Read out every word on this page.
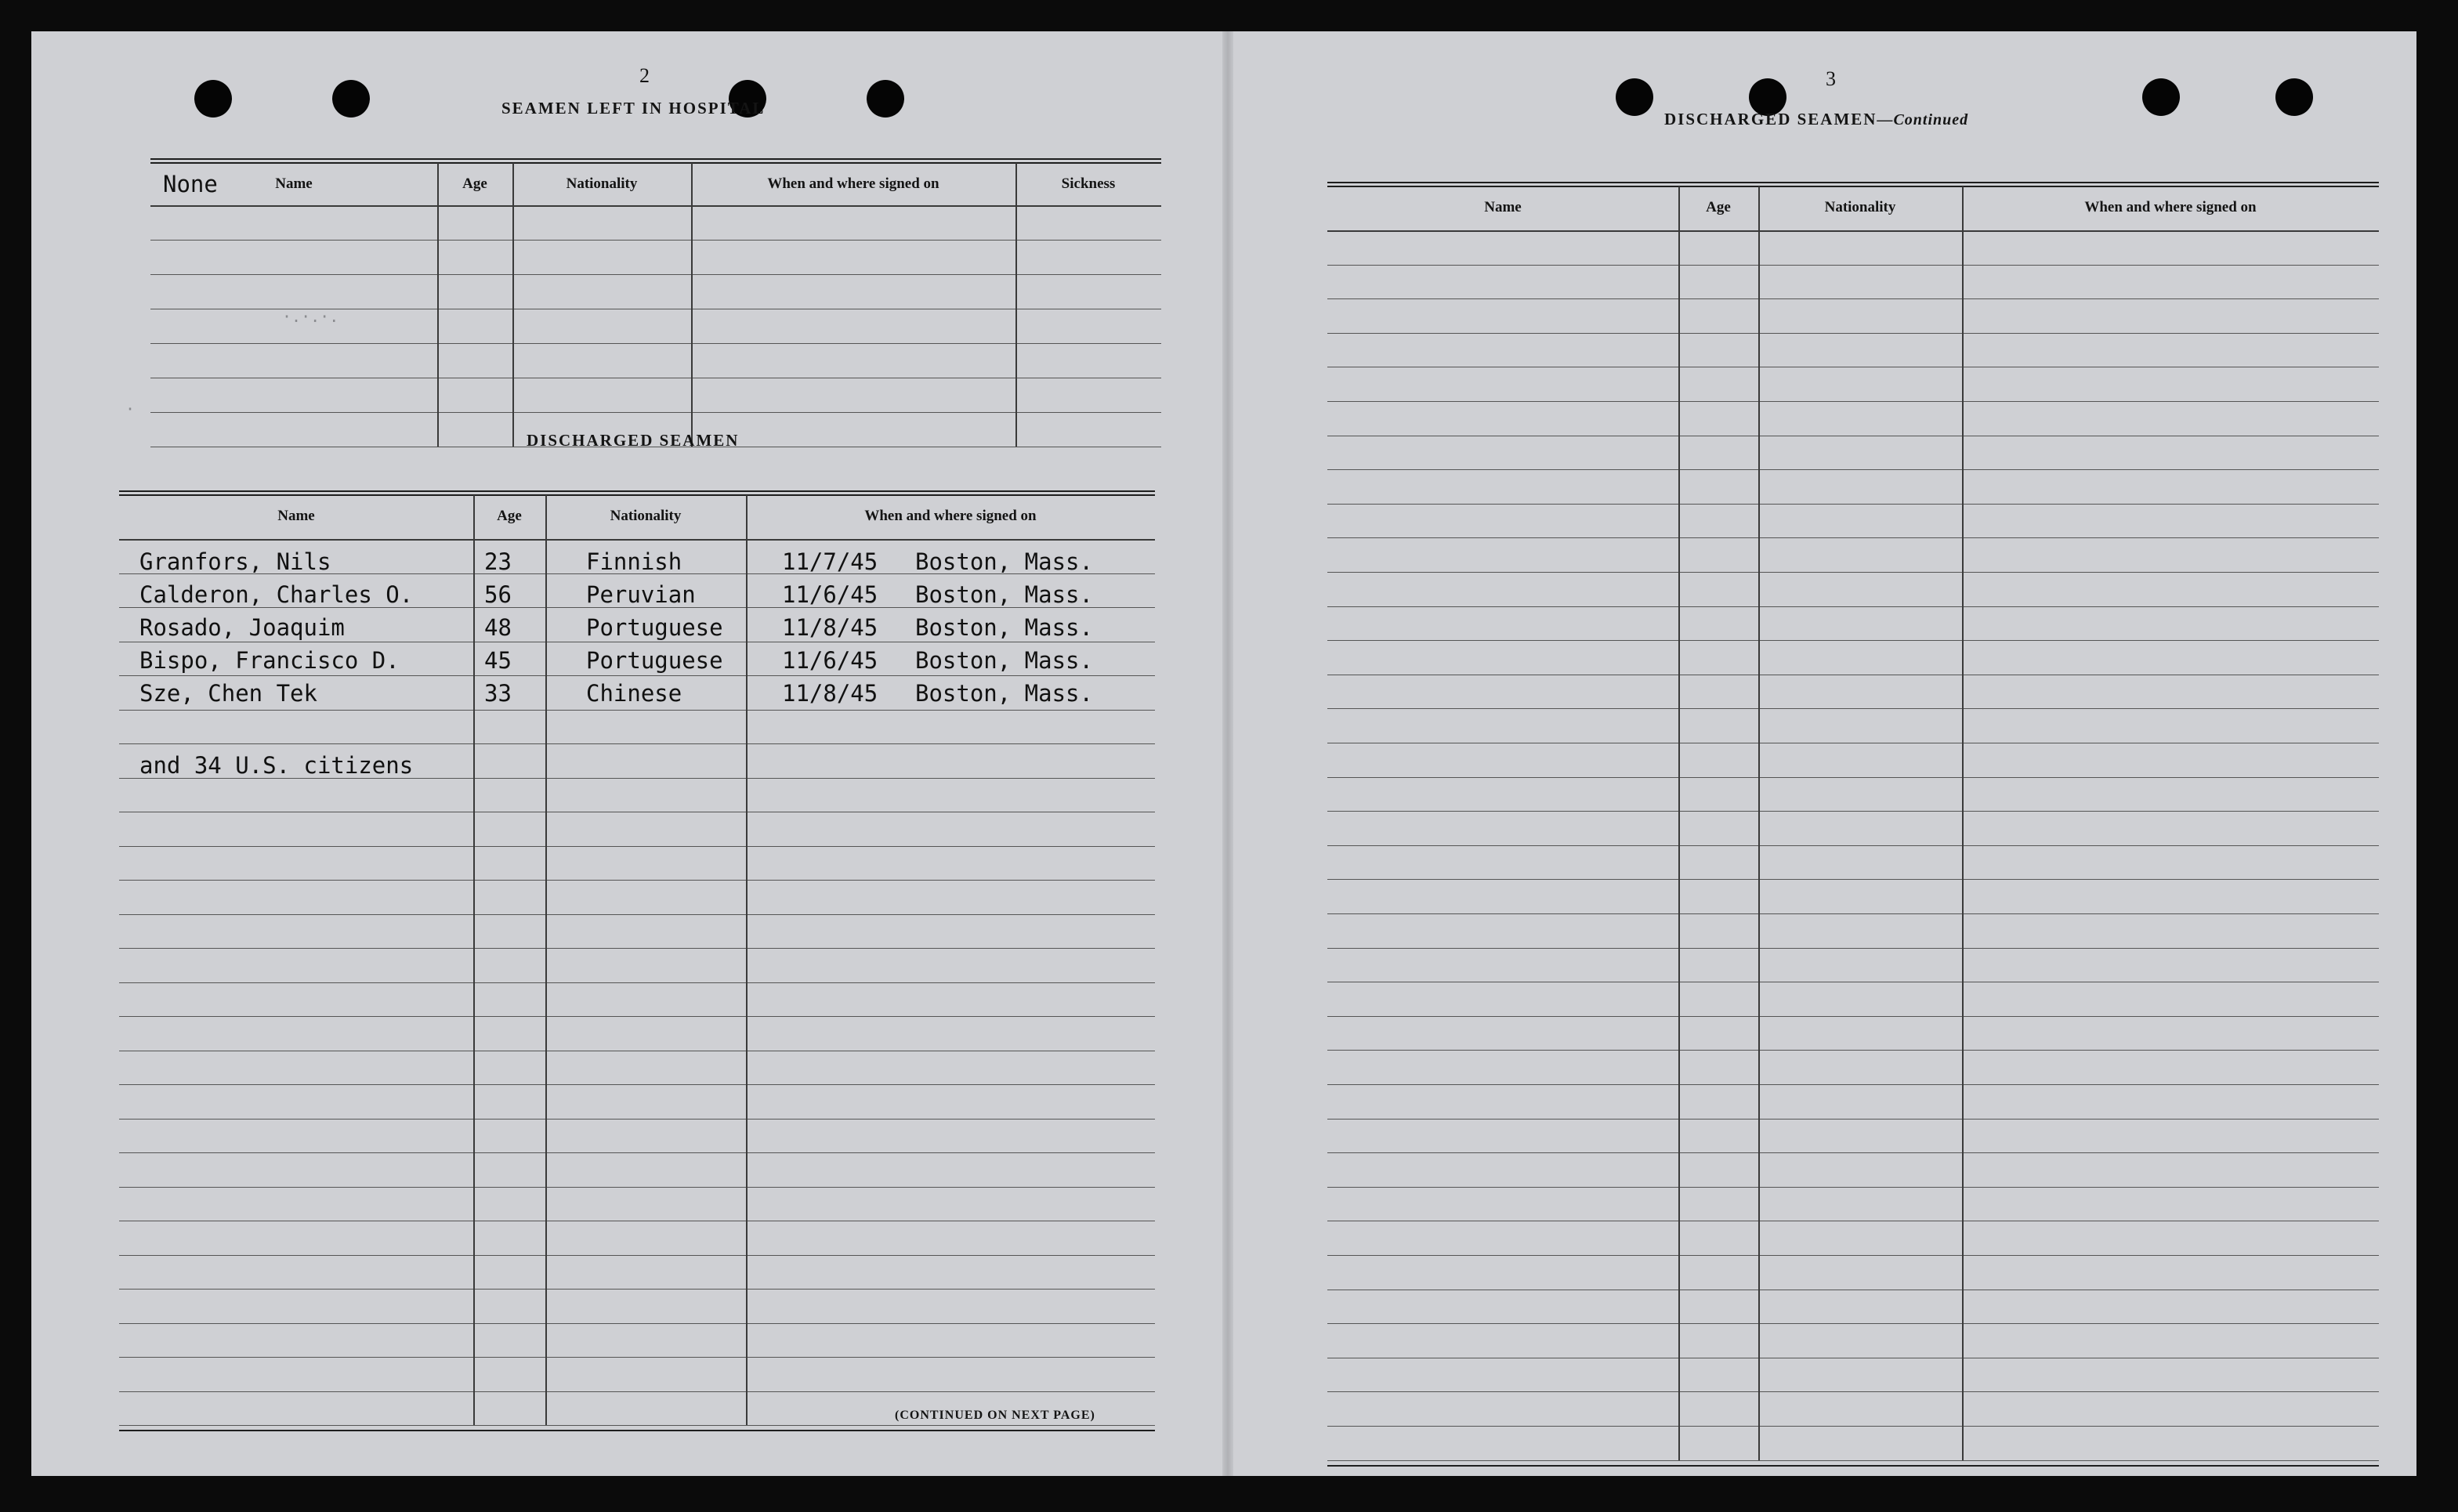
2
SEAMEN LEFT IN HOSPITAL
Name	Age	Nationality	When and where signed on	Sickness
None
·.·.·.
·
DISCHARGED SEAMEN
Name	Age	Nationality	When and where signed on
Granfors, Nils	23	Finnish	11/7/45 Boston, Mass.
Calderon, Charles O.	56	Peruvian	11/6/45 Boston, Mass.
Rosado, Joaquim	48	Portuguese	11/8/45 Boston, Mass.
Bispo, Francisco D.	45	Portuguese	11/6/45 Boston, Mass.
Sze, Chen Tek	33	Chinese	11/8/45 Boston, Mass.
and 34 U.S. citizens
(CONTINUED ON NEXT PAGE)
3
DISCHARGED SEAMEN—Continued
Name	Age	Nationality	When and where signed on
